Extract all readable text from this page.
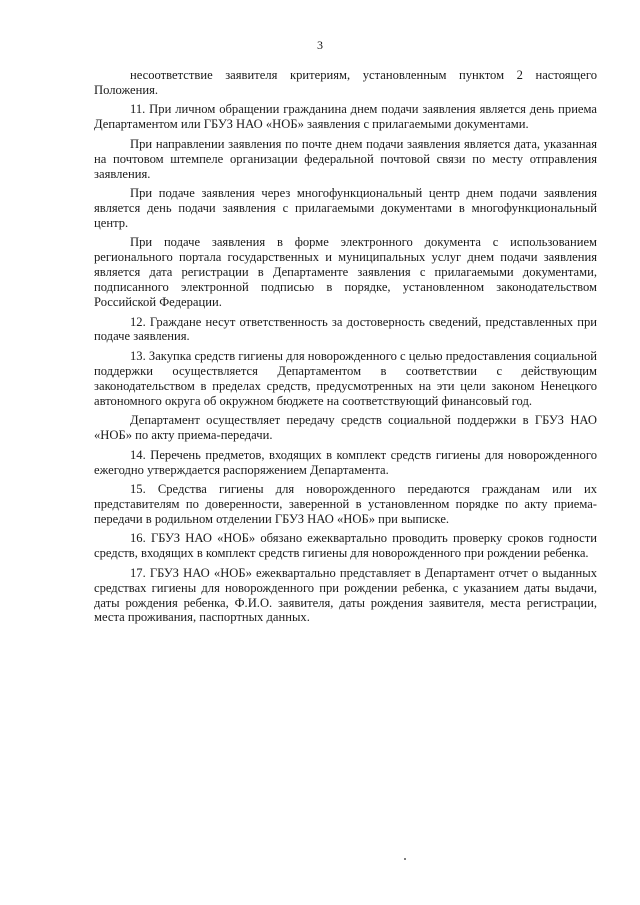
3

несоответствие заявителя критериям, установленным пунктом 2 настоящего Положения.

11. При личном обращении гражданина днем подачи заявления является день приема Департаментом или ГБУЗ НАО «НОБ» заявления с прилагаемыми документами.

При направлении заявления по почте днем подачи заявления является дата, указанная на почтовом штемпеле организации федеральной почтовой связи по месту отправления заявления.

При подаче заявления через многофункциональный центр днем подачи заявления является день подачи заявления с прилагаемыми документами в многофункциональный центр.

При подаче заявления в форме электронного документа с использованием регионального портала государственных и муниципальных услуг днем подачи заявления является дата регистрации в Департаменте заявления с прилагаемыми документами, подписанного электронной подписью в порядке, установленном законодательством Российской Федерации.

12. Граждане несут ответственность за достоверность сведений, представленных при подаче заявления.

13. Закупка средств гигиены для новорожденного с целью предоставления социальной поддержки осуществляется Департаментом в соответствии с действующим законодательством в пределах средств, предусмотренных на эти цели законом Ненецкого автономного округа об окружном бюджете на соответствующий финансовый год.

Департамент осуществляет передачу средств социальной поддержки в ГБУЗ НАО «НОБ» по акту приема-передачи.

14. Перечень предметов, входящих в комплект средств гигиены для новорожденного ежегодно утверждается распоряжением Департамента.

15. Средства гигиены для новорожденного передаются гражданам или их представителям по доверенности, заверенной в установленном порядке по акту приема-передачи в родильном отделении ГБУЗ НАО «НОБ» при выписке.

16. ГБУЗ НАО «НОБ» обязано ежеквартально проводить проверку сроков годности средств, входящих в комплект средств гигиены для новорожденного при рождении ребенка.

17. ГБУЗ НАО «НОБ» ежеквартально представляет в Департамент отчет о выданных средствах гигиены для новорожденного при рождении ребенка, с указанием даты выдачи, даты рождения ребенка, Ф.И.О. заявителя, даты рождения заявителя, места регистрации, места проживания, паспортных данных.
